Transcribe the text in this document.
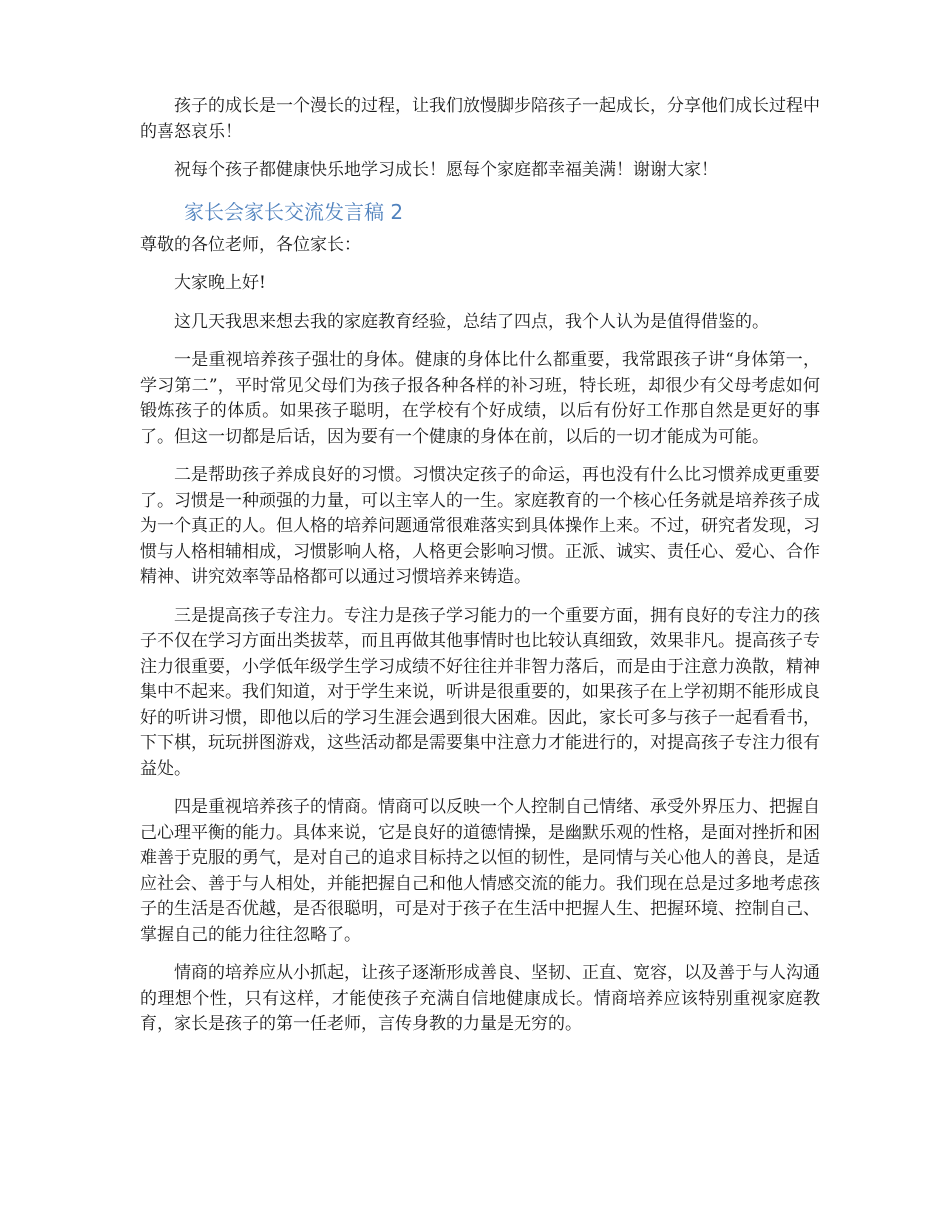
孩子的成长是一个漫长的过程，让我们放慢脚步陪孩子一起成长，分享他们成长过程中的喜怒哀乐！

祝每个孩子都健康快乐地学习成长！愿每个家庭都幸福美满！谢谢大家！

家长会家长交流发言稿 2

尊敬的各位老师，各位家长：

大家晚上好!

这几天我思来想去我的家庭教育经验，总结了四点，我个人认为是值得借鉴的。

一是重视培养孩子强壮的身体。健康的身体比什么都重要，我常跟孩子讲“身体第一，学习第二”，平时常见父母们为孩子报各种各样的补习班，特长班，却很少有父母考虑如何锻炼孩子的体质。如果孩子聪明，在学校有个好成绩，以后有份好工作那自然是更好的事了。但这一切都是后话，因为要有一个健康的身体在前，以后的一切才能成为可能。

二是帮助孩子养成良好的习惯。习惯决定孩子的命运，再也没有什么比习惯养成更重要了。习惯是一种顽强的力量，可以主宰人的一生。家庭教育的一个核心任务就是培养孩子成为一个真正的人。但人格的培养问题通常很难落实到具体操作上来。不过，研究者发现，习惯与人格相辅相成，习惯影响人格，人格更会影响习惯。正派、诚实、责任心、爱心、合作精神、讲究效率等品格都可以通过习惯培养来铸造。

三是提高孩子专注力。专注力是孩子学习能力的一个重要方面，拥有良好的专注力的孩子不仅在学习方面出类拔萃，而且再做其他事情时也比较认真细致，效果非凡。提高孩子专注力很重要，小学低年级学生学习成绩不好往往并非智力落后，而是由于注意力涣散，精神集中不起来。我们知道，对于学生来说，听讲是很重要的，如果孩子在上学初期不能形成良好的听讲习惯，即他以后的学习生涯会遇到很大困难。因此，家长可多与孩子一起看看书，下下棋，玩玩拼图游戏，这些活动都是需要集中注意力才能进行的，对提高孩子专注力很有益处。

四是重视培养孩子的情商。情商可以反映一个人控制自己情绪、承受外界压力、把握自己心理平衡的能力。具体来说，它是良好的道德情操，是幽默乐观的性格，是面对挫折和困难善于克服的勇气，是对自己的追求目标持之以恒的韧性，是同情与关心他人的善良，是适应社会、善于与人相处，并能把握自己和他人情感交流的能力。我们现在总是过多地考虑孩子的生活是否优越，是否很聪明，可是对于孩子在生活中把握人生、把握环境、控制自己、掌握自己的能力往往忽略了。

情商的培养应从小抓起，让孩子逐渐形成善良、坚韧、正直、宽容，以及善于与人沟通的理想个性，只有这样，才能使孩子充满自信地健康成长。情商培养应该特别重视家庭教育，家长是孩子的第一任老师，言传身教的力量是无穷的。
